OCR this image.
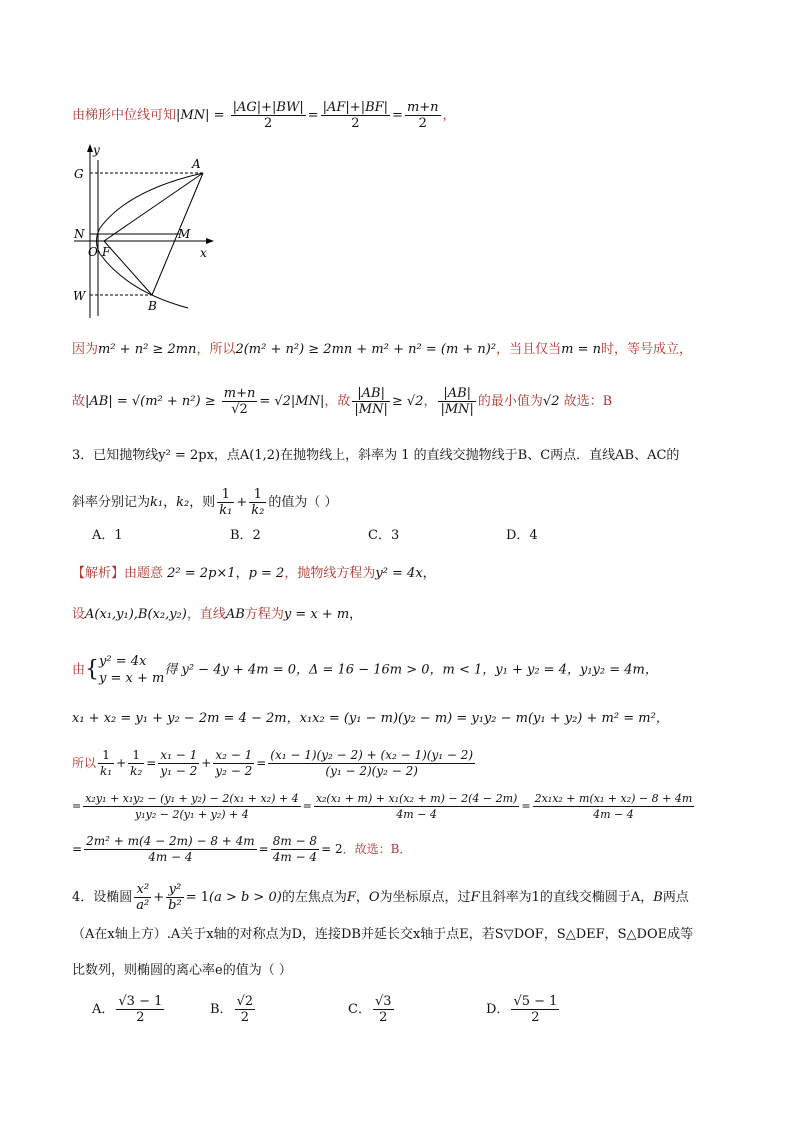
由梯形中位线可知$|MN| = \frac{|AG|+|BW|}{2} = \frac{|AF|+|BF|}{2} = \frac{m+n}{2}$ ，
y
x
G
A
N	M
O F
W
B
因为m² + n² ≥ 2mn，所以2(m² + n²) ≥ 2mn + m² + n² = (m + n)²，当且仅当m = n时，等号成立，
故$|AB| = √(m^2 + n^2) \ge \frac{m+n}{√2} = √2|MN|$，故 $\frac{|AB|}{|MN|} \ge √2$， $\frac{|AB|}{|MN|}$ 的最小值为√2 故选：B
3．已知抛物线y² = 2px，点A(1,2)在抛物线上，斜率为 1 的直线交抛物线于B、C两点．直线AB、AC的
斜率分别记为k₁，k₂，则 $\frac{1}{\text{k₁}} + \frac{1}{\text{k₂}}$ 的值为（ ）
A．1	B．2	C．3	D．4
【解析】由题意 2² = 2p×1，p = 2，抛物线方程为y² = 4x，
设A(x₁,y₁),B(x₂,y₂)，直线AB方程为y = x + m，
由{ y² = 4x
y = x + m
得 y² − 4y + 4m = 0，Δ = 16 − 16m > 0，m < 1，y₁ + y₂ = 4，y₁y₂ = 4m，
x₁ + x₂ = y₁ + y₂ − 2m = 4 − 2m，x₁x₂ = (y₁ − m)(y₂ − m) = y₁y₂ − m(y₁ + y₂) + m² = m²，
所以 $\frac{1}{\text{k₁}} + \frac{1}{\text{k₂}} = \frac{\text{x₁ − 1}}{\text{y₁ − 2}} + \frac{\text{x₂ − 1}}{\text{y₂ − 2}} = \frac{\text{(x₁ − 1)(y₂ − 2) + (x₂ − 1)(y₁ − 2)}}{\text{(y₁ − 2)(y₂ − 2)}}$
= $\frac{\text{x₂y₁ + x₁y₂ − (y₁ + y₂) − 2(x₁ + x₂) + 4}}{\text{y₁y₂ − 2(y₁ + y₂) + 4}} = \frac{\text{x₂(x₁ + m) + x₁(x₂ + m) − 2(4 − 2m)}}{4m - 4} = \frac{\text{2x₁x₂ + m(x₁ + x₂) − 8 + 4m}}{4m - 4}$
= $\frac{\text{2m² + m(4 − 2m) − 8 + 4m}}{4m - 4} = \frac{8m - 8}{4m - 4} = 2$．故选：B．
4．设椭圆 $\frac{\text{x²}}{\text{a²}} + \frac{\text{y²}}{\text{b²}} = 1(a > b > 0)$的左焦点为F，O为坐标原点，过F且斜率为1的直线交椭圆于A，B两点
（A在x轴上方）.A关于x轴的对称点为D，连接DB并延长交x轴于点E，若S▽DOF，S△DEF，S△DOE成等
比数列，则椭圆的离心率e的值为（ ）
A． $\frac{√3 - 1}{2}$	B． $\frac{√2}{2}$	C． $\frac{√3}{2}$	D． $\frac{√5 - 1}{2}$
